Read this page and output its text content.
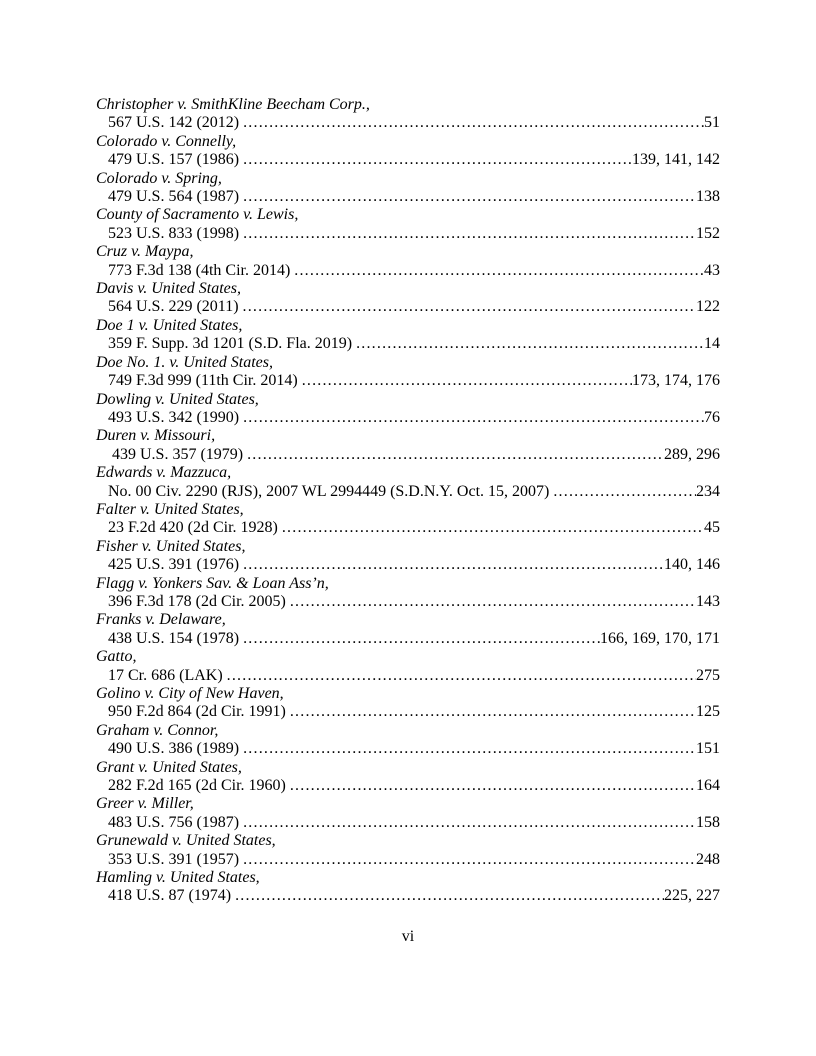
Christopher v. SmithKline Beecham Corp.,
567 U.S. 142 (2012) .....	51
Colorado v. Connelly,
479 U.S. 157 (1986) .....	139, 141, 142
Colorado v. Spring,
479 U.S. 564 (1987) .....	138
County of Sacramento v. Lewis,
523 U.S. 833 (1998) .....	152
Cruz v. Maypa,
773 F.3d 138 (4th Cir. 2014) .....	43
Davis v. United States,
564 U.S. 229 (2011) .....	122
Doe 1 v. United States,
359 F. Supp. 3d 1201 (S.D. Fla. 2019) .....	14
Doe No. 1. v. United States,
749 F.3d 999 (11th Cir. 2014) .....	173, 174, 176
Dowling v. United States,
493 U.S. 342 (1990) .....	76
Duren v. Missouri,
439 U.S. 357 (1979) .....	289, 296
Edwards v. Mazzuca,
No. 00 Civ. 2290 (RJS), 2007 WL 2994449 (S.D.N.Y. Oct. 15, 2007) .....	234
Falter v. United States,
23 F.2d 420 (2d Cir. 1928) .....	45
Fisher v. United States,
425 U.S. 391 (1976) .....	140, 146
Flagg v. Yonkers Sav. & Loan Ass’n,
396 F.3d 178 (2d Cir. 2005) .....	143
Franks v. Delaware,
438 U.S. 154 (1978) .....	166, 169, 170, 171
Gatto,
17 Cr. 686 (LAK) .....	275
Golino v. City of New Haven,
950 F.2d 864 (2d Cir. 1991) .....	125
Graham v. Connor,
490 U.S. 386 (1989) .....	151
Grant v. United States,
282 F.2d 165 (2d Cir. 1960) .....	164
Greer v. Miller,
483 U.S. 756 (1987) .....	158
Grunewald v. United States,
353 U.S. 391 (1957) .....	248
Hamling v. United States,
418 U.S. 87 (1974) .....	225, 227
vi
